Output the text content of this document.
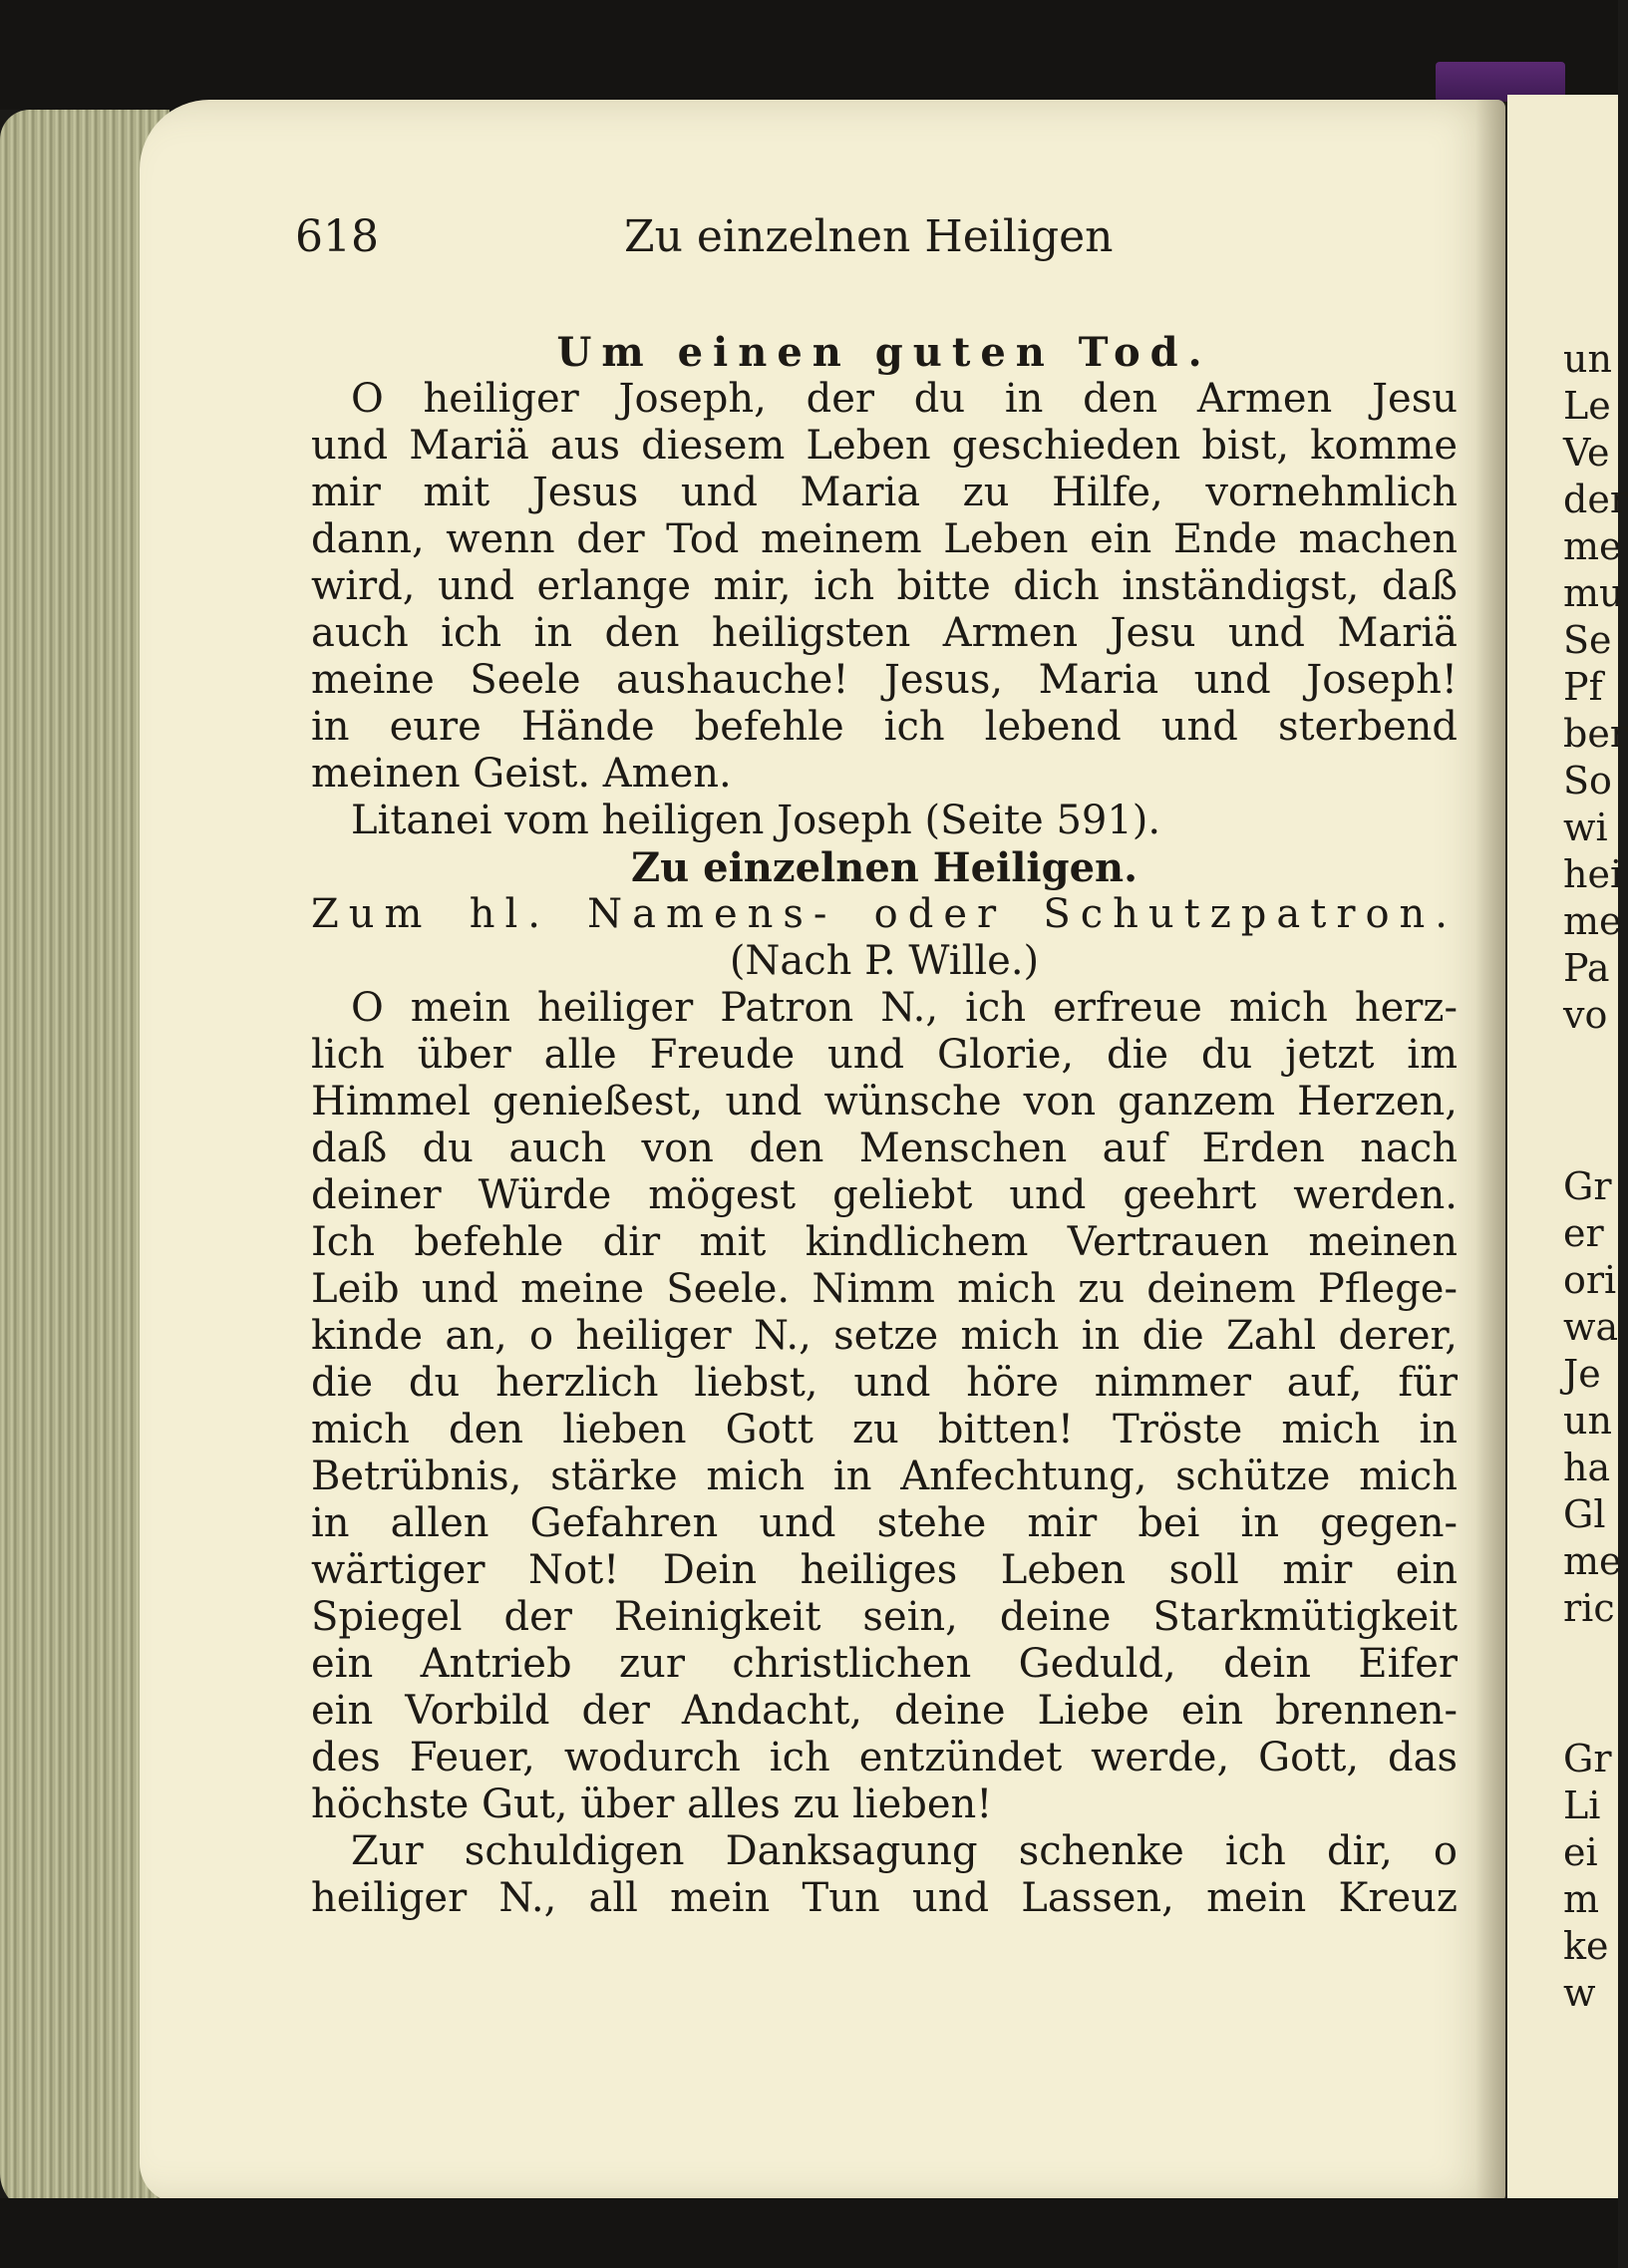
618	Zu einzelnen Heiligen
Um einen guten Tod.
O heiliger Joseph, der du in den Armen Jesu
und Mariä aus diesem Leben geschieden bist, komme
mir mit Jesus und Maria zu Hilfe, vornehmlich
dann, wenn der Tod meinem Leben ein Ende machen
wird, und erlange mir, ich bitte dich inständigst, daß
auch ich in den heiligsten Armen Jesu und Mariä
meine Seele aushauche! Jesus, Maria und Joseph!
in eure Hände befehle ich lebend und sterbend
meinen Geist. Amen.
Litanei vom heiligen Joseph (Seite 591).
Zu einzelnen Heiligen.
Zum hl. Namens- oder Schutzpatron.
(Nach P. Wille.)
O mein heiliger Patron N., ich erfreue mich herz-
lich über alle Freude und Glorie, die du jetzt im
Himmel genießest, und wünsche von ganzem Herzen,
daß du auch von den Menschen auf Erden nach
deiner Würde mögest geliebt und geehrt werden.
Ich befehle dir mit kindlichem Vertrauen meinen
Leib und meine Seele. Nimm mich zu deinem Pflege-
kinde an, o heiliger N., setze mich in die Zahl derer,
die du herzlich liebst, und höre nimmer auf, für
mich den lieben Gott zu bitten! Tröste mich in
Betrübnis, stärke mich in Anfechtung, schütze mich
in allen Gefahren und stehe mir bei in gegen-
wärtiger Not! Dein heiliges Leben soll mir ein
Spiegel der Reinigkeit sein, deine Starkmütigkeit
ein Antrieb zur christlichen Geduld, dein Eifer
ein Vorbild der Andacht, deine Liebe ein brennen-
des Feuer, wodurch ich entzündet werde, Gott, das
höchste Gut, über alles zu lieben!
Zur schuldigen Danksagung schenke ich dir, o
heiliger N., all mein Tun und Lassen, mein Kreuz
un
Le
Ve
der
me
mu
Se
Pf
ber
So
wi
hei
me
Pa
vo
Gr
er
ori
wa
Je
un
ha
Gl
me
ric
Gr
Li
ei
m
ke
w
